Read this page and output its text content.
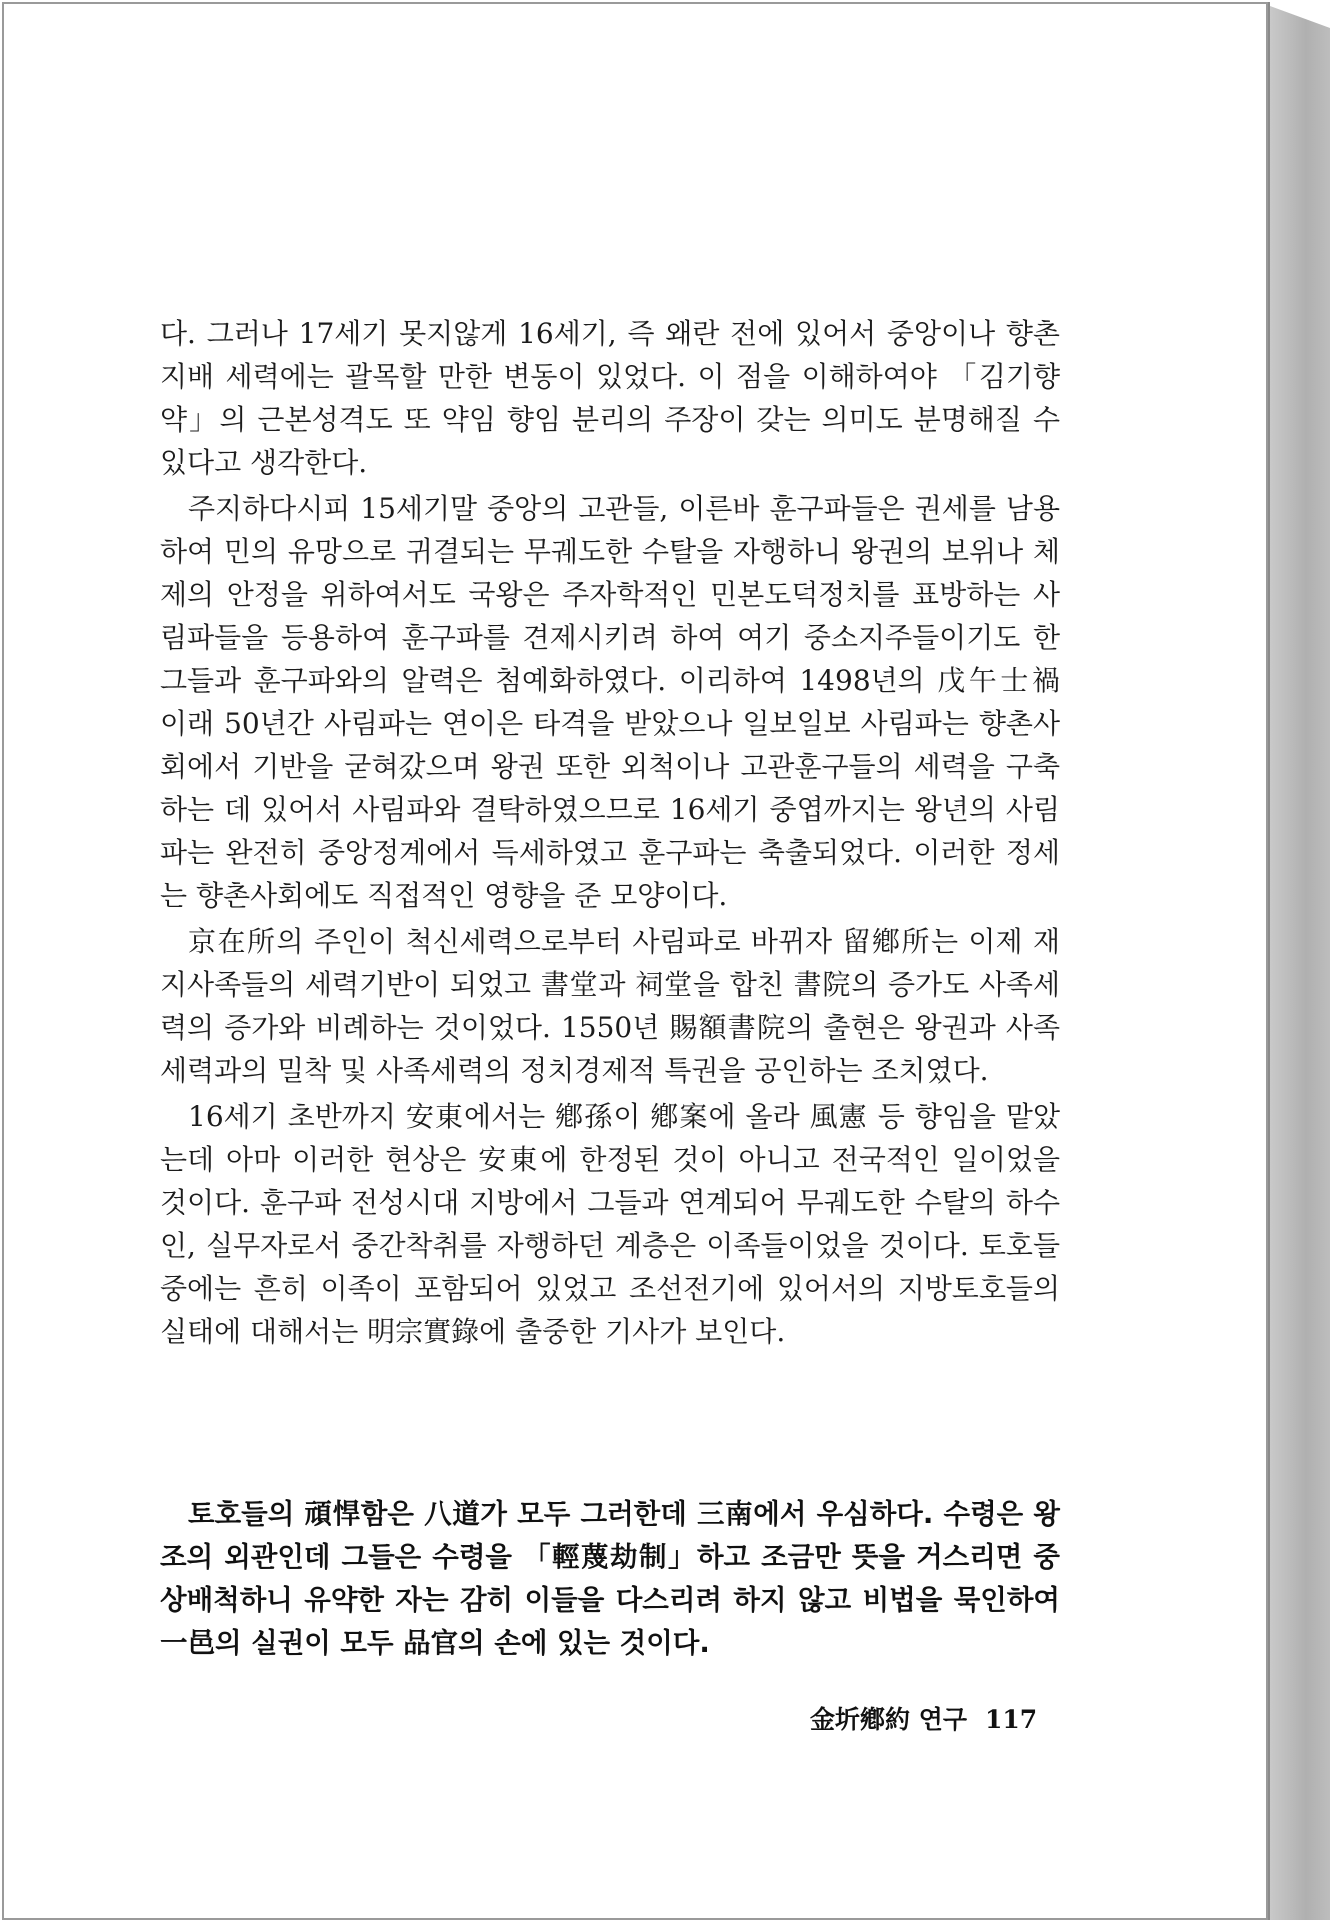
다. 그러나 17세기 못지않게 16세기, 즉 왜란 전에 있어서 중앙이나 향촌지배 세력에는 괄목할 만한 변동이 있었다. 이 점을 이해하여야 「김기향약」의 근본성격도 또 약임 향임 분리의 주장이 갖는 의미도 분명해질 수 있다고 생각한다.

주지하다시피 15세기말 중앙의 고관들, 이른바 훈구파들은 권세를 남용하여 민의 유망으로 귀결되는 무궤도한 수탈을 자행하니 왕권의 보위나 체제의 안정을 위하여서도 국왕은 주자학적인 민본도덕정치를 표방하는 사림파들을 등용하여 훈구파를 견제시키려 하여 여기 중소지주들이기도 한 그들과 훈구파와의 알력은 첨예화하였다. 이리하여 1498년의 戊午士禍 이래 50년간 사림파는 연이은 타격을 받았으나 일보일보 사림파는 향촌사회에서 기반을 굳혀갔으며 왕권 또한 외척이나 고관훈구들의 세력을 구축하는 데 있어서 사림파와 결탁하였으므로 16세기 중엽까지는 왕년의 사림파는 완전히 중앙정계에서 득세하였고 훈구파는 축출되었다. 이러한 정세는 향촌사회에도 직접적인 영향을 준 모양이다.

京在所의 주인이 척신세력으로부터 사림파로 바뀌자 留鄕所는 이제 재지사족들의 세력기반이 되었고 書堂과 祠堂을 합친 書院의 증가도 사족세력의 증가와 비례하는 것이었다. 1550년 賜額書院의 출현은 왕권과 사족세력과의 밀착 및 사족세력의 정치경제적 특권을 공인하는 조치였다.

16세기 초반까지 安東에서는 鄕孫이 鄕案에 올라 風憲 등 향임을 맡았는데 아마 이러한 현상은 安東에 한정된 것이 아니고 전국적인 일이었을 것이다. 훈구파 전성시대 지방에서 그들과 연계되어 무궤도한 수탈의 하수인, 실무자로서 중간착취를 자행하던 계층은 이족들이었을 것이다. 토호들 중에는 흔히 이족이 포함되어 있었고 조선전기에 있어서의 지방토호들의 실태에 대해서는 明宗實錄에 출중한 기사가 보인다.

토호들의 頑悍함은 八道가 모두 그러한데 三南에서 우심하다. 수령은 왕조의 외관인데 그들은 수령을 「輕蔑劫制」하고 조금만 뜻을 거스리면 중상배척하니 유약한 자는 감히 이들을 다스리려 하지 않고 비법을 묵인하여 一邑의 실권이 모두 品官의 손에 있는 것이다.

金圻鄕約 연구 117
